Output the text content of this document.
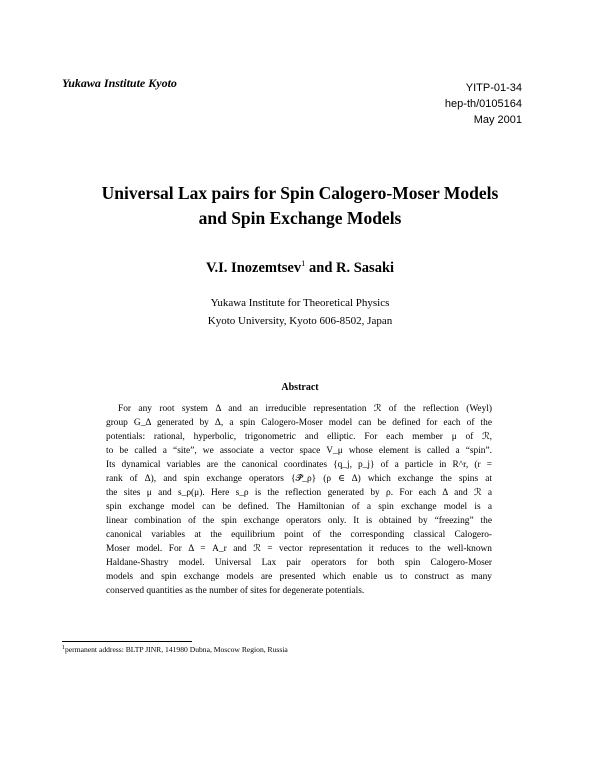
Yukawa Institute Kyoto	YITP-01-34
hep-th/0105164
May 2001
Universal Lax pairs for Spin Calogero-Moser Models
and Spin Exchange Models
V.I. Inozemtsev$^1$ and R. Sasaki
Yukawa Institute for Theoretical Physics
Kyoto University, Kyoto 606-8502, Japan
Abstract
For any root system Δ and an irreducible representation ℛ of the reflection (Weyl)
group G_Δ generated by Δ, a spin Calogero-Moser model can be defined for each of the
potentials: rational, hyperbolic, trigonometric and elliptic. For each member μ of ℛ,
to be called a “site”, we associate a vector space V_μ whose element is called a “spin”.
Its dynamical variables are the canonical coordinates {q_j, p_j} of a particle in R^r, (r =
rank of Δ), and spin exchange operators {𝒫̂_ρ} (ρ ∈ Δ) which exchange the spins at
the sites μ and s_ρ(μ). Here s_ρ is the reflection generated by ρ. For each Δ and ℛ a
spin exchange model can be defined. The Hamiltonian of a spin exchange model is a
linear combination of the spin exchange operators only. It is obtained by “freezing” the
canonical variables at the equilibrium point of the corresponding classical Calogero-
Moser model. For Δ = A_r and ℛ = vector representation it reduces to the well-known
Haldane-Shastry model. Universal Lax pair operators for both spin Calogero-Moser
models and spin exchange models are presented which enable us to construct as many
conserved quantities as the number of sites for degenerate potentials.
$^1$permanent address: BLTP JINR, 141980 Dubna, Moscow Region, Russia
